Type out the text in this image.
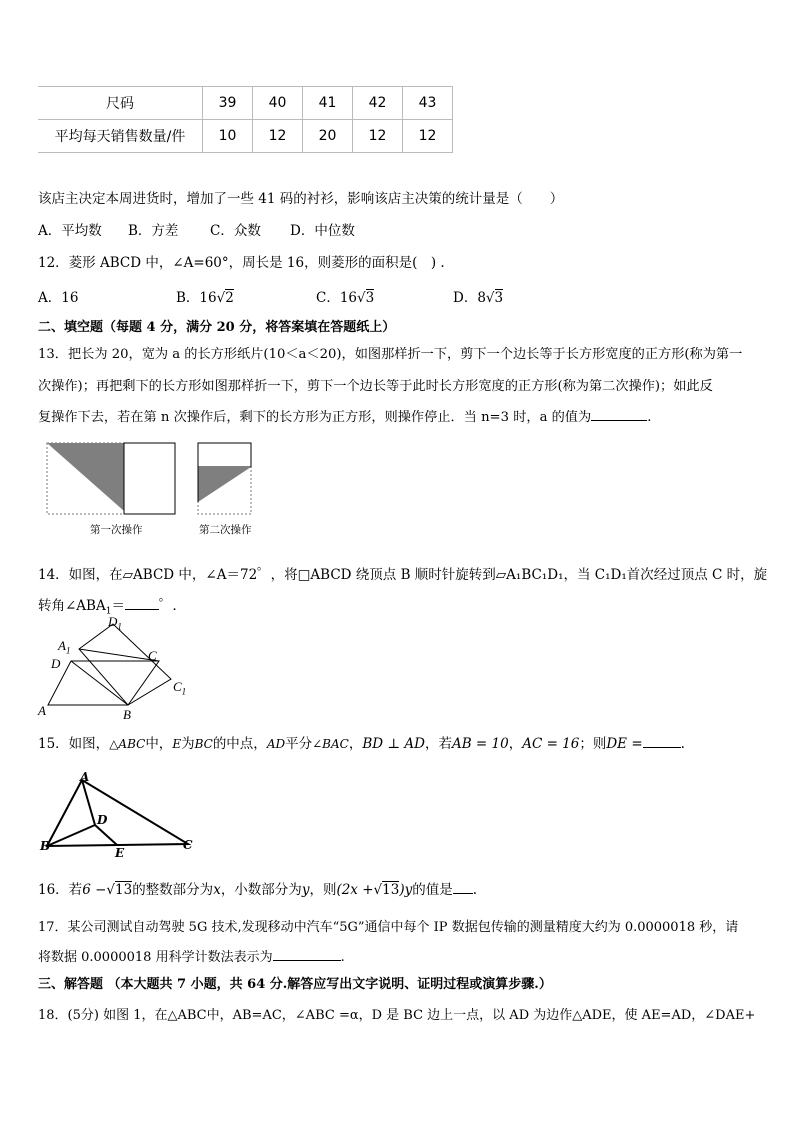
尺码	39	40	41	42	43
平均每天销售数量/件	10	12	20	12	12
该店主决定本周进货时，增加了一些 41 码的衬衫，影响该店主决策的统计量是（　　）
A．平均数 B．方差 C．众数 D．中位数
12．菱形 ABCD 中，∠A=60°，周长是 16，则菱形的面积是(　) .
A．16	B．16√2	C．16√3	D．8√3
二、填空题（每题 4 分，满分 20 分，将答案填在答题纸上）
13．把长为 20，宽为 a 的长方形纸片(10＜a＜20)，如图那样折一下，剪下一个边长等于长方形宽度的正方形(称为第一
次操作)；再把剩下的长方形如图那样折一下，剪下一个边长等于此时长方形宽度的正方形(称为第二次操作)；如此反
复操作下去，若在第 n 次操作后，剩下的长方形为正方形，则操作停止．当 n=3 时，a 的值为	.
第一次操作	第二次操作
14．如图，在▱ABCD 中，∠A＝72゜，将□ABCD 绕顶点 B 顺时针旋转到▱A₁BC₁D₁，当 C₁D₁首次经过顶点 C 时，旋
转角$\angle ABA_1=$	゜．
$D_1$
$A_1$
D
C
$C_1$
A	B
15．如图，△ABC中，E为BC的中点，AD平分∠BAC，BD ⊥ AD，若AB = 10，AC = 16；则DE =	.
A
B	C
D
E
16．若6 −√13的整数部分为x，小数部分为y，则(2x +√13)y的值是 .
17．某公司测试自动驾驶 5G 技术,发现移动中汽车“5G”通信中每个 IP 数据包传输的测量精度大约为 0.0000018 秒，请
将数据 0.0000018 用科学计数法表示为	.
三、解答题 （本大题共 7 小题，共 64 分.解答应写出文字说明、证明过程或演算步骤.）
18．(5分) 如图 1，在△ABC中，AB=AC，∠ABC =α，D 是 BC 边上一点，以 AD 为边作△ADE，使 AE=AD，∠DAE+
